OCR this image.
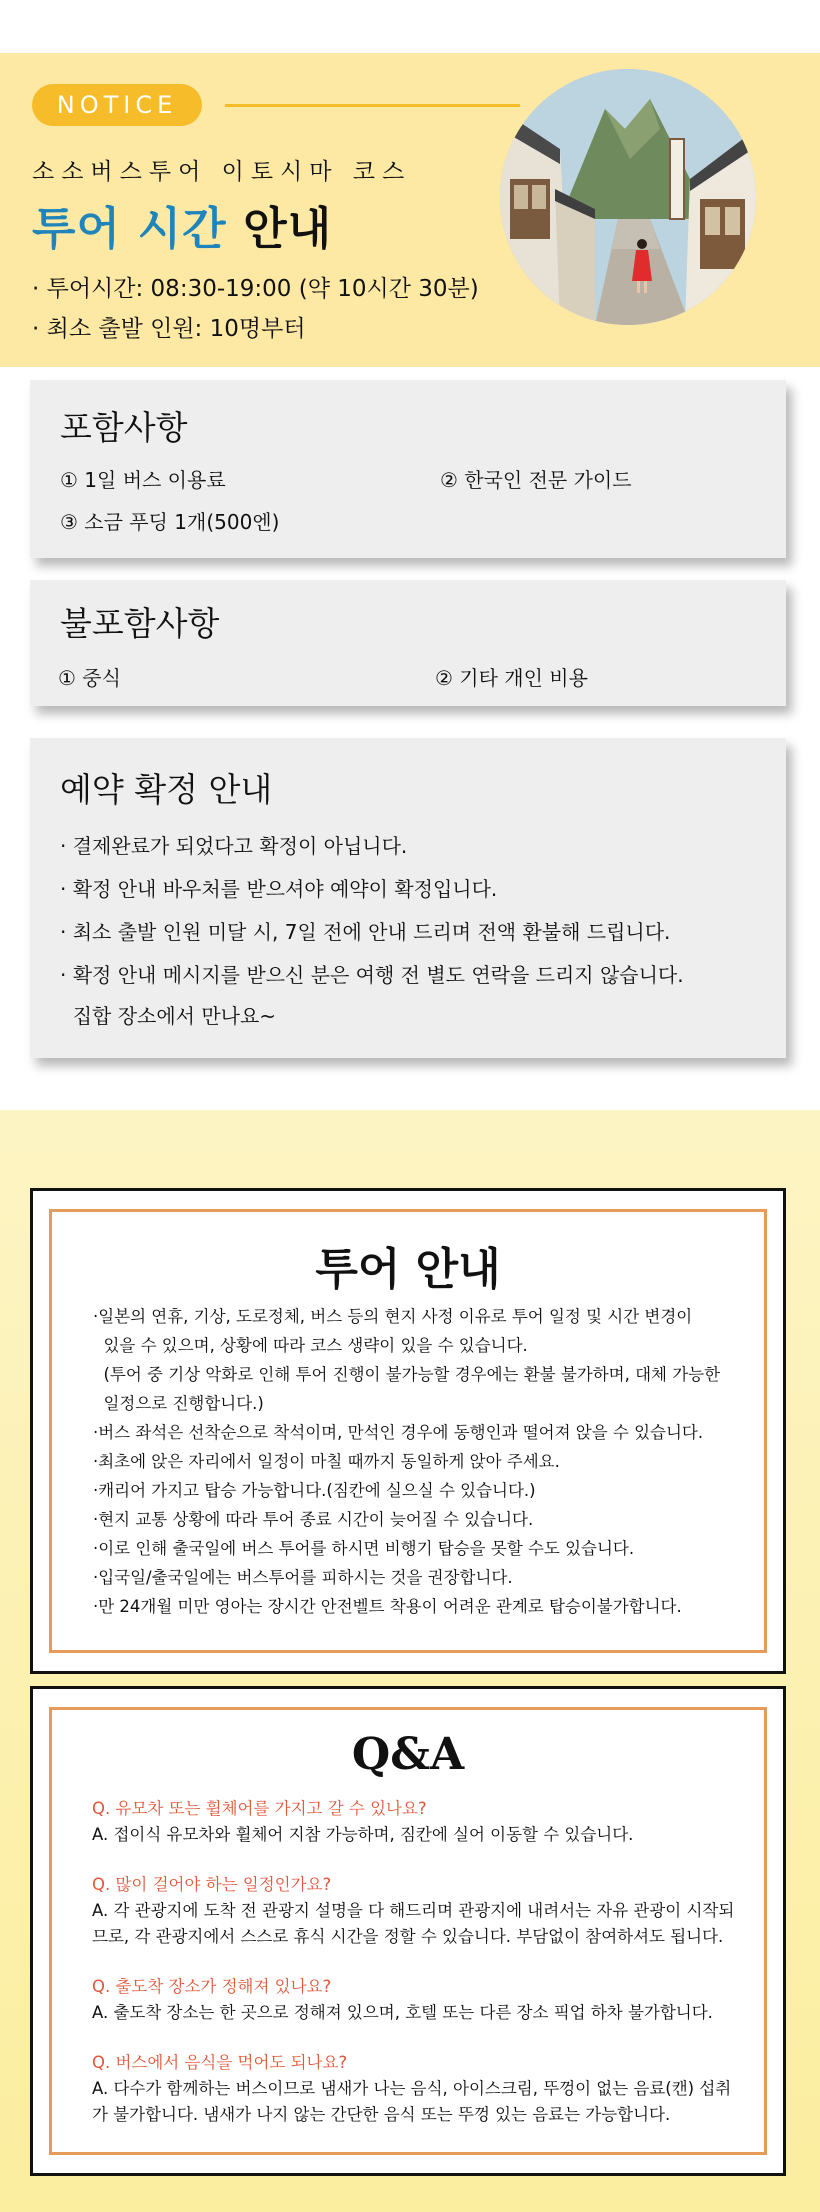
NOTICE
소소버스투어 이토시마 코스
투어 시간 안내
· 투어시간: 08:30-19:00 (약 10시간 30분)
· 최소 출발 인원: 10명부터
포함사항
① 1일 버스 이용료	② 한국인 전문 가이드
③ 소금 푸딩 1개(500엔)
불포함사항
① 중식	② 기타 개인 비용
예약 확정 안내
· 결제완료가 되었다고 확정이 아닙니다.
· 확정 안내 바우처를 받으셔야 예약이 확정입니다.
· 최소 출발 인원 미달 시, 7일 전에 안내 드리며 전액 환불해 드립니다.
· 확정 안내 메시지를 받으신 분은 여행 전 별도 연락을 드리지 않습니다.
집합 장소에서 만나요~
투어 안내
·일본의 연휴, 기상, 도로정체, 버스 등의 현지 사정 이유로 투어 일정 및 시간 변경이
있을 수 있으며, 상황에 따라 코스 생략이 있을 수 있습니다.
(투어 중 기상 악화로 인해 투어 진행이 불가능할 경우에는 환불 불가하며, 대체 가능한
일정으로 진행합니다.)
·버스 좌석은 선착순으로 착석이며, 만석인 경우에 동행인과 떨어져 앉을 수 있습니다.
·최초에 앉은 자리에서 일정이 마칠 때까지 동일하게 앉아 주세요.
·캐리어 가지고 탑승 가능합니다.(짐칸에 실으실 수 있습니다.)
·현지 교통 상황에 따라 투어 종료 시간이 늦어질 수 있습니다.
·이로 인해 출국일에 버스 투어를 하시면 비행기 탑승을 못할 수도 있습니다.
·입국일/출국일에는 버스투어를 피하시는 것을 권장합니다.
·만 24개월 미만 영아는 장시간 안전벨트 착용이 어려운 관계로 탑승이불가합니다.
Q&A
Q. 유모차 또는 휠체어를 가지고 갈 수 있나요?
A. 접이식 유모차와 휠체어 지참 가능하며, 짐칸에 실어 이동할 수 있습니다.
Q. 많이 걸어야 하는 일정인가요?
A. 각 관광지에 도착 전 관광지 설명을 다 해드리며 관광지에 내려서는 자유 관광이 시작되
므로, 각 관광지에서 스스로 휴식 시간을 정할 수 있습니다. 부담없이 참여하셔도 됩니다.
Q. 출도착 장소가 정해져 있나요?
A. 출도착 장소는 한 곳으로 정해져 있으며, 호텔 또는 다른 장소 픽업 하차 불가합니다.
Q. 버스에서 음식을 먹어도 되나요?
A. 다수가 함께하는 버스이므로 냄새가 나는 음식, 아이스크림, 뚜껑이 없는 음료(캔) 섭취
가 불가합니다. 냄새가 나지 않는 간단한 음식 또는 뚜껑 있는 음료는 가능합니다.
